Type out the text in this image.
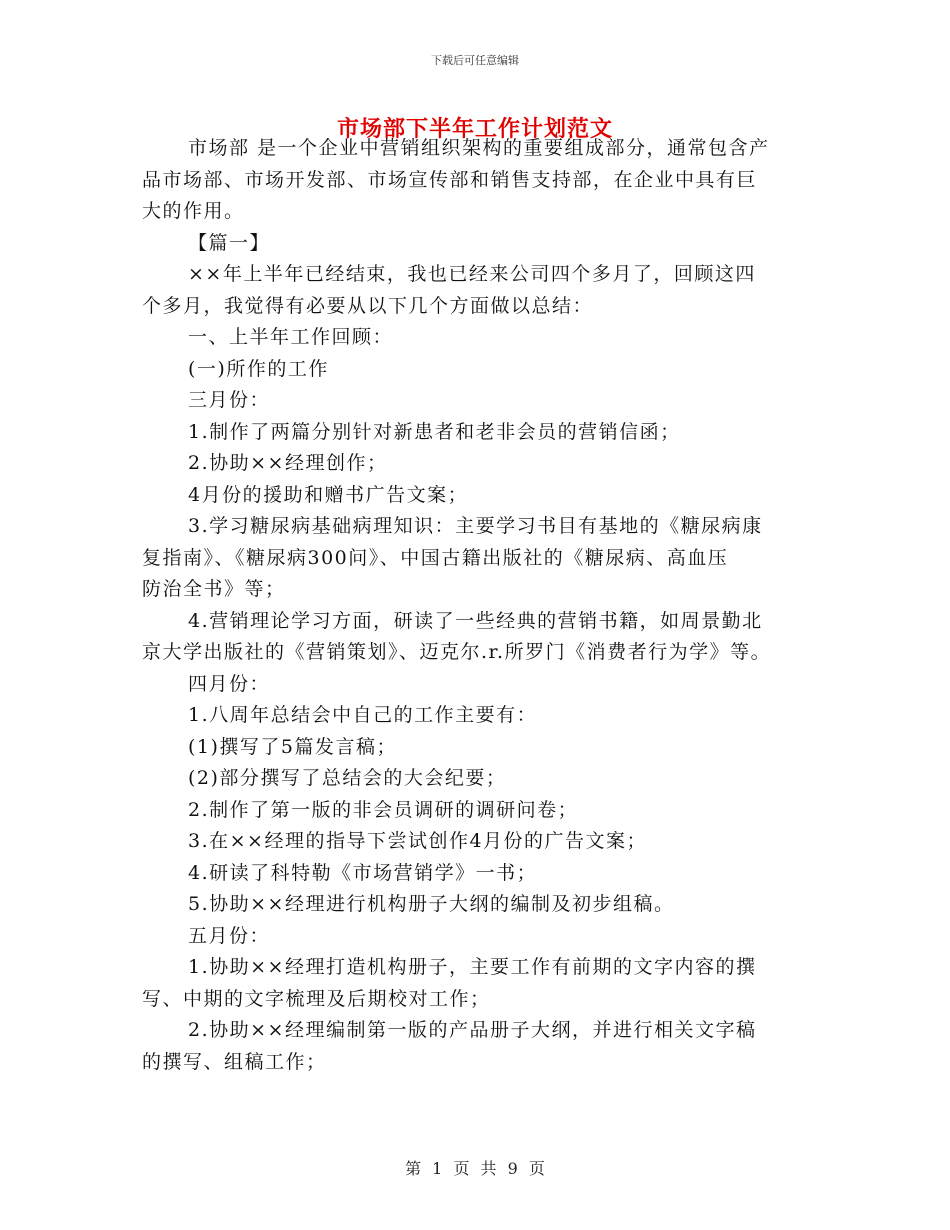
下载后可任意编辑
市场部下半年工作计划范文
市场部 是一个企业中营销组织架构的重要组成部分，通常包含产
品市场部、市场开发部、市场宣传部和销售支持部，在企业中具有巨
大的作用。
【篇一】
××年上半年已经结束，我也已经来公司四个多月了，回顾这四
个多月，我觉得有必要从以下几个方面做以总结：
一、上半年工作回顾：
(一)所作的工作
三月份：
1.制作了两篇分别针对新患者和老非会员的营销信函；
2.协助××经理创作；
4月份的援助和赠书广告文案；
3.学习糖尿病基础病理知识：主要学习书目有基地的《糖尿病康
复指南》、《糖尿病300问》、中国古籍出版社的《糖尿病、高血压
防治全书》等；
4.营销理论学习方面，研读了一些经典的营销书籍，如周景勤北
京大学出版社的《营销策划》、迈克尔.r.所罗门《消费者行为学》等。
四月份：
1.八周年总结会中自己的工作主要有：
(1)撰写了5篇发言稿；
(2)部分撰写了总结会的大会纪要；
2.制作了第一版的非会员调研的调研问卷；
3.在××经理的指导下尝试创作4月份的广告文案；
4.研读了科特勒《市场营销学》一书；
5.协助××经理进行机构册子大纲的编制及初步组稿。
五月份：
1.协助××经理打造机构册子，主要工作有前期的文字内容的撰
写、中期的文字梳理及后期校对工作；
2.协助××经理编制第一版的产品册子大纲，并进行相关文字稿
的撰写、组稿工作；
第 1 页 共 9 页
